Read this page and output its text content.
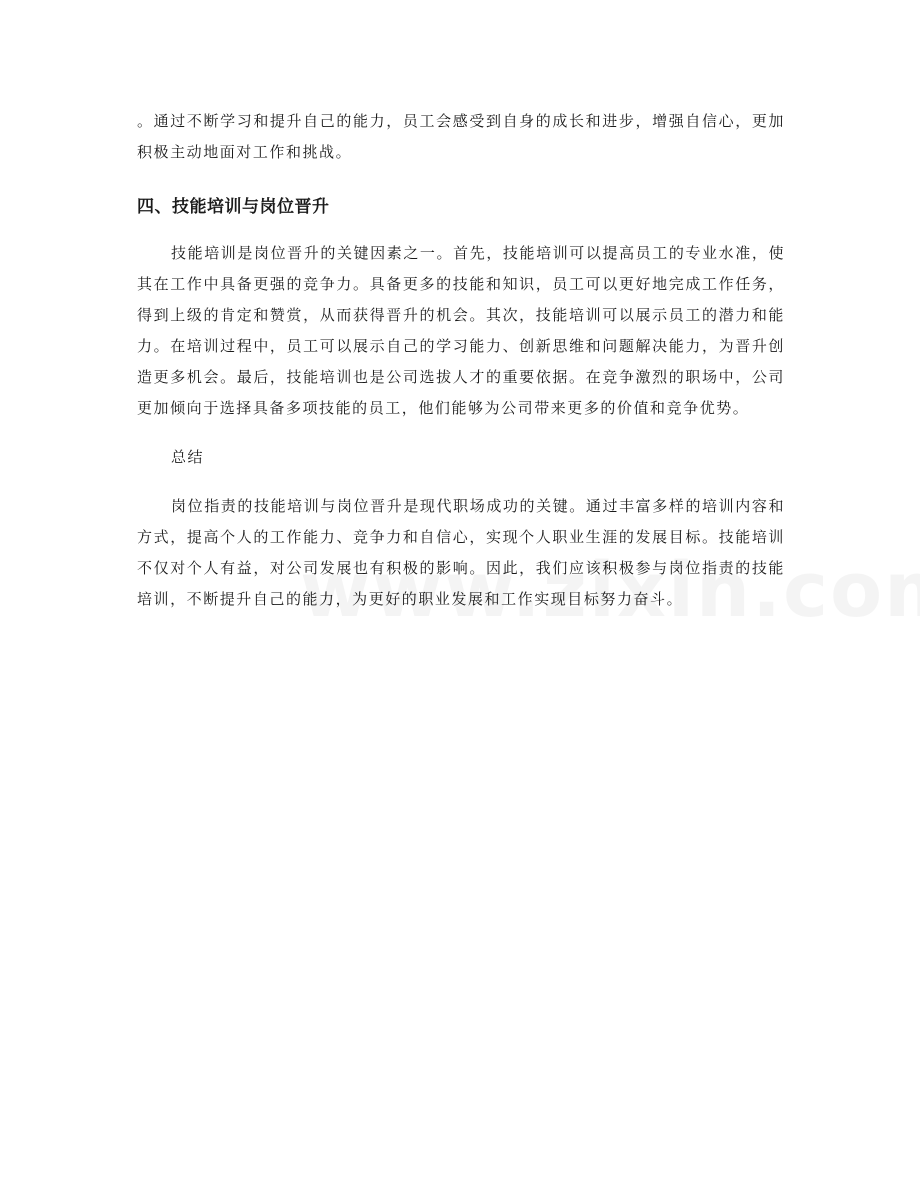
。通过不断学习和提升自己的能力，员工会感受到自身的成长和进步，增强自信心，更加积极主动地面对工作和挑战。

四、技能培训与岗位晋升

技能培训是岗位晋升的关键因素之一。首先，技能培训可以提高员工的专业水准，使其在工作中具备更强的竞争力。具备更多的技能和知识，员工可以更好地完成工作任务，得到上级的肯定和赞赏，从而获得晋升的机会。其次，技能培训可以展示员工的潜力和能力。在培训过程中，员工可以展示自己的学习能力、创新思维和问题解决能力，为晋升创造更多机会。最后，技能培训也是公司选拔人才的重要依据。在竞争激烈的职场中，公司更加倾向于选择具备多项技能的员工，他们能够为公司带来更多的价值和竞争优势。

总结

岗位指责的技能培训与岗位晋升是现代职场成功的关键。通过丰富多样的培训内容和方式，提高个人的工作能力、竞争力和自信心，实现个人职业生涯的发展目标。技能培训不仅对个人有益，对公司发展也有积极的影响。因此，我们应该积极参与岗位指责的技能培训，不断提升自己的能力，为更好的职业发展和工作实现目标努力奋斗。
